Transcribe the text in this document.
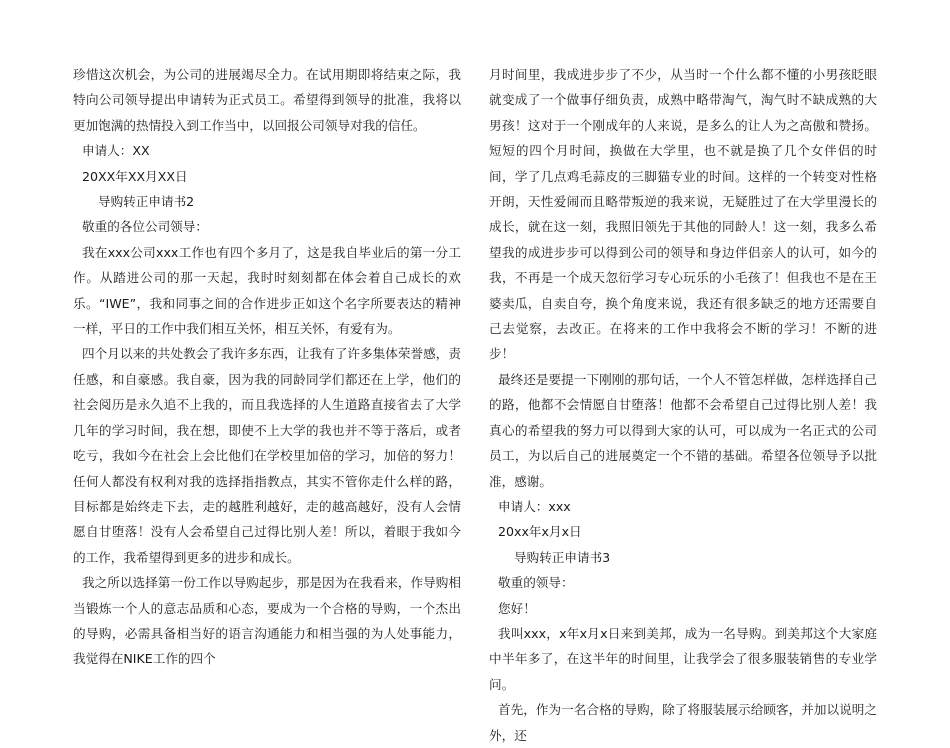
珍惜这次机会，为公司的进展竭尽全力。在试用期即将结束之际，我特向公司领导提出申请转为正式员工。希望得到领导的批准，我将以更加饱满的热情投入到工作当中，以回报公司领导对我的信任。

申请人：XX

20XX年XX月XX日

导购转正申请书2

敬重的各位公司领导：

我在xxx公司xxx工作也有四个多月了，这是我自毕业后的第一分工作。从踏进公司的那一天起，我时时刻刻都在体会着自己成长的欢乐。“IWE”，我和同事之间的合作进步正如这个名字所要表达的精神一样，平日的工作中我们相互关怀，相互关怀，有爱有为。

四个月以来的共处教会了我许多东西，让我有了许多集体荣誉感，责任感，和自豪感。我自豪，因为我的同龄同学们都还在上学，他们的社会阅历是永久追不上我的，而且我选择的人生道路直接省去了大学几年的学习时间，我在想，即使不上大学的我也并不等于落后，或者吃亏，我如今在社会上会比他们在学校里加倍的学习，加倍的努力！任何人都没有权利对我的选择指指教点，其实不管你走什么样的路，目标都是始终走下去，走的越胜利越好，走的越高越好，没有人会情愿自甘堕落！没有人会希望自己过得比别人差！所以，着眼于我如今的工作，我希望得到更多的进步和成长。

我之所以选择第一份工作以导购起步，那是因为在我看来，作导购相当锻炼一个人的意志品质和心态，要成为一个合格的导购，一个杰出的导购，必需具备相当好的语言沟通能力和相当强的为人处事能力，我觉得在NIKE工作的四个

月时间里，我成进步步了不少，从当时一个什么都不懂的小男孩眨眼就变成了一个做事仔细负责，成熟中略带淘气，淘气时不缺成熟的大男孩！这对于一个刚成年的人来说，是多么的让人为之高傲和赞扬。短短的四个月时间，换做在大学里，也不就是换了几个女伴侣的时间，学了几点鸡毛蒜皮的三脚猫专业的时间。这样的一个转变对性格开朗，天性爱闹而且略带叛逆的我来说，无疑胜过了在大学里漫长的成长，就在这一刻，我照旧领先于其他的同龄人！这一刻，我多么希望我的成进步步可以得到公司的领导和身边伴侣亲人的认可，如今的我，不再是一个成天忽衍学习专心玩乐的小毛孩了！但我也不是在王婆卖瓜，自卖自夸，换个角度来说，我还有很多缺乏的地方还需要自己去觉察，去改正。在将来的工作中我将会不断的学习！不断的进步！

最终还是要提一下刚刚的那句话，一个人不管怎样做，怎样选择自己的路，他都不会情愿自甘堕落！他都不会希望自己过得比别人差！我真心的希望我的努力可以得到大家的认可，可以成为一名正式的公司员工，为以后自己的进展奠定一个不错的基础。希望各位领导予以批准，感谢。

申请人：xxx

20xx年x月x日

导购转正申请书3

敬重的领导：

您好！

我叫xxx，x年x月x日来到美邦，成为一名导购。到美邦这个大家庭中半年多了，在这半年的时间里，让我学会了很多服装销售的专业学问。

首先，作为一名合格的导购，除了将服装展示给顾客，并加以说明之外，还
